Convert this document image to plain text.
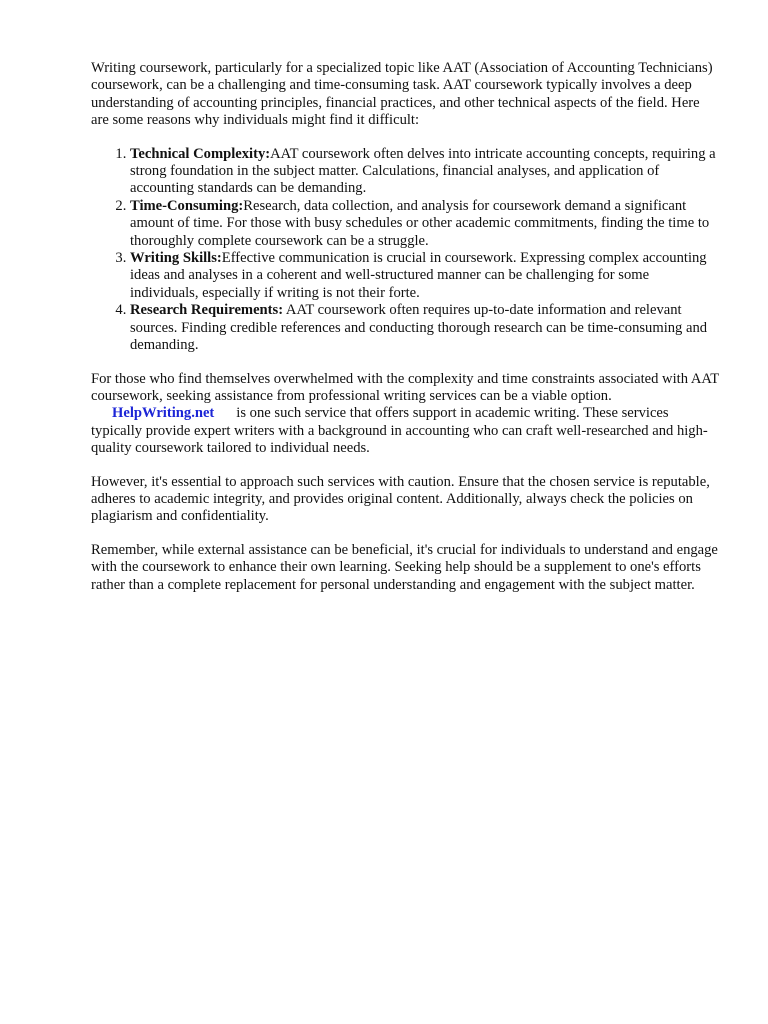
Writing coursework, particularly for a specialized topic like AAT (Association of Accounting Technicians) coursework, can be a challenging and time-consuming task. AAT coursework typically involves a deep understanding of accounting principles, financial practices, and other technical aspects of the field. Here are some reasons why individuals might find it difficult:

1. Technical Complexity:AAT coursework often delves into intricate accounting concepts, requiring a strong foundation in the subject matter. Calculations, financial analyses, and application of accounting standards can be demanding.
2. Time-Consuming:Research, data collection, and analysis for coursework demand a significant amount of time. For those with busy schedules or other academic commitments, finding the time to thoroughly complete coursework can be a struggle.
3. Writing Skills:Effective communication is crucial in coursework. Expressing complex accounting ideas and analyses in a coherent and well-structured manner can be challenging for some individuals, especially if writing is not their forte.
4. Research Requirements: AAT coursework often requires up-to-date information and relevant sources. Finding credible references and conducting thorough research can be time-consuming and demanding.

For those who find themselves overwhelmed with the complexity and time constraints associated with AAT coursework, seeking assistance from professional writing services can be a viable option.
HelpWriting.net is one such service that offers support in academic writing. These services typically provide expert writers with a background in accounting who can craft well-researched and high-quality coursework tailored to individual needs.

However, it's essential to approach such services with caution. Ensure that the chosen service is reputable, adheres to academic integrity, and provides original content. Additionally, always check the policies on plagiarism and confidentiality.

Remember, while external assistance can be beneficial, it's crucial for individuals to understand and engage with the coursework to enhance their own learning. Seeking help should be a supplement to one's efforts rather than a complete replacement for personal understanding and engagement with the subject matter.
